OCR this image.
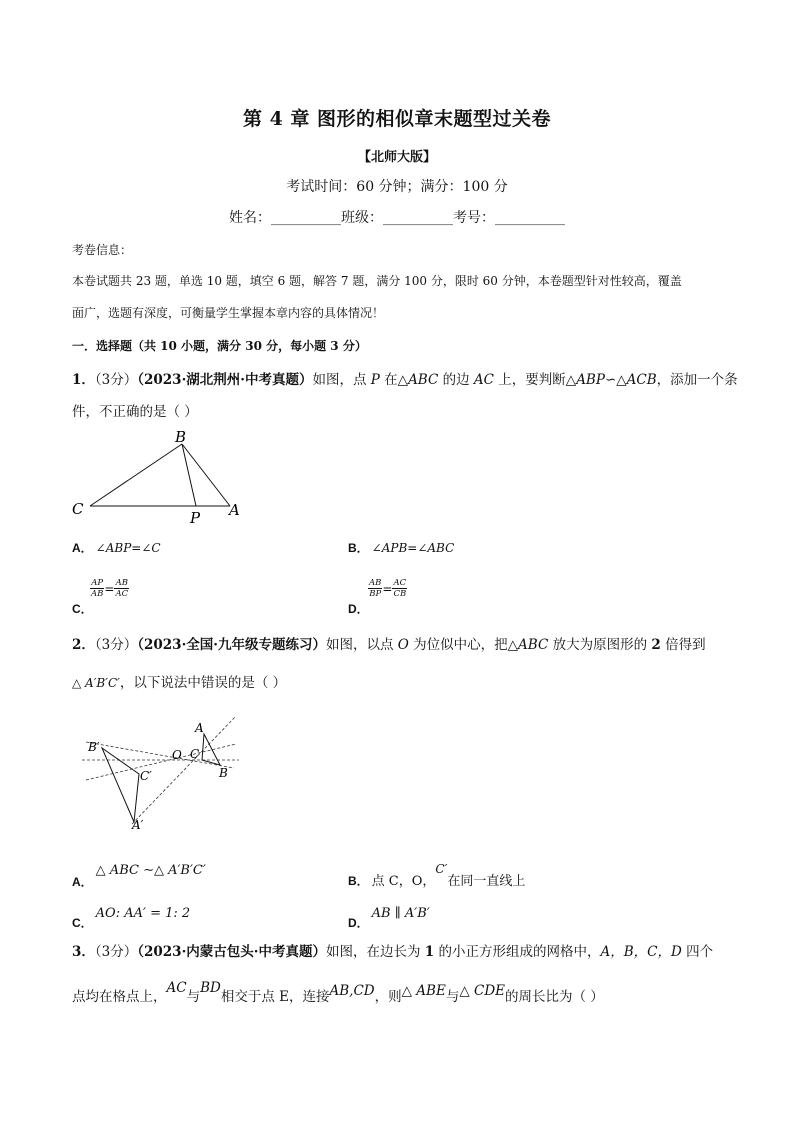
第 4 章 图形的相似章末题型过关卷
【北师大版】
考试时间：60 分钟；满分：100 分
姓名：__________班级：__________考号：__________
考卷信息：
本卷试题共 23 题，单选 10 题，填空 6 题，解答 7 题，满分 100 分，限时 60 分钟，本卷题型针对性较高，覆盖
面广，选题有深度，可衡量学生掌握本章内容的具体情况！
一．选择题（共 10 小题，满分 30 分，每小题 3 分）
1．（3分）（2023·湖北荆州·中考真题）如图，点 P 在△ABC 的边 AC 上，要判断△ABP∽△ACB，添加一个条
件，不正确的是（ ）
B
C	P A
A． ∠ABP=∠C	B． ∠APB=∠ABC
$\frac{AP}{AB} = \frac{AB}{AC}$
C．
$\frac{AB}{BP} = \frac{AC}{CB}$
D．
2．（3分）（2023·全国·九年级专题练习）如图，以点 O 为位似中心，把△ABC 放大为原图形的 2 倍得到
△ A′B′C′，以下说法中错误的是（ ）
B′
C′
A′
O
A
C
B
A．△ ABC ∼△ A′B′C′
B． 点 C，O，C′在同一直线上
C．AO: AA′ = 1: 2
D．AB ∥ A′B′
3．（3分）（2023·内蒙古包头·中考真题）如图，在边长为 1 的小正方形组成的网格中，A，B，C，D 四个
点均在格点上，AC与BD相交于点 E，连接AB,CD，则△ ABE与△ CDE的周长比为（ ）
